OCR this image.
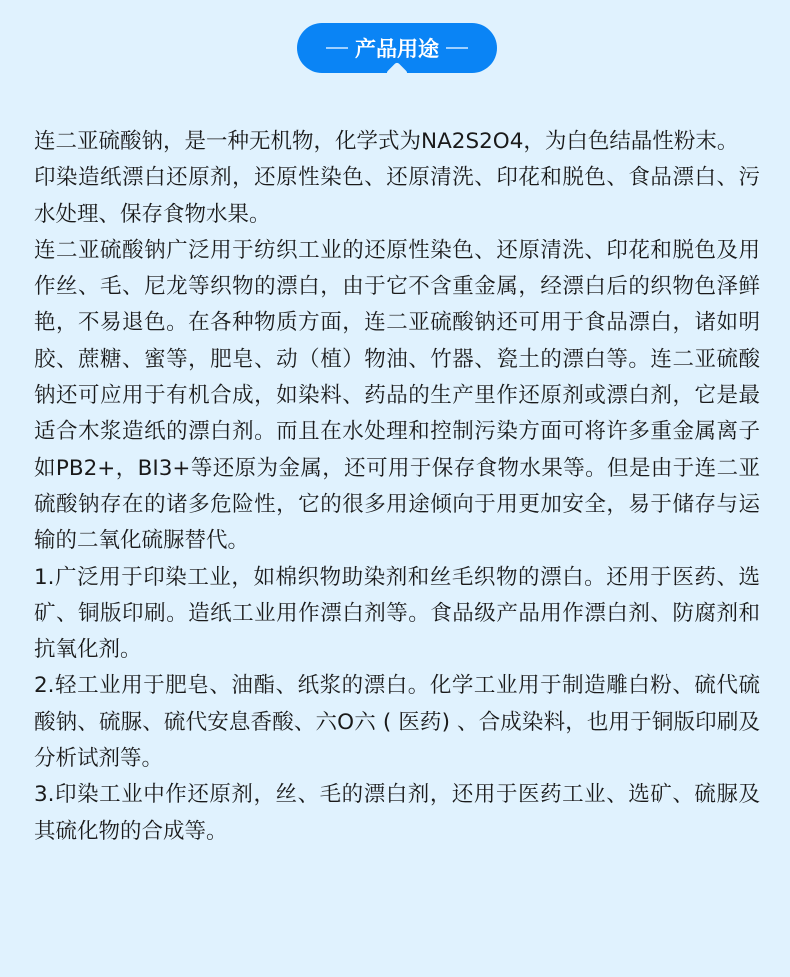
产品用途

连二亚硫酸钠，是一种无机物，化学式为NA2S2O4，为白色结晶性粉末。

印染造纸漂白还原剂，还原性染色、还原清洗、印花和脱色、食品漂白、污水处理、保存食物水果。

连二亚硫酸钠广泛用于纺织工业的还原性染色、还原清洗、印花和脱色及用作丝、毛、尼龙等织物的漂白，由于它不含重金属，经漂白后的织物色泽鲜艳，不易退色。在各种物质方面，连二亚硫酸钠还可用于食品漂白，诸如明胶、蔗糖、蜜等，肥皂、动（植）物油、竹器、瓷土的漂白等。连二亚硫酸钠还可应用于有机合成，如染料、药品的生产里作还原剂或漂白剂，它是最适合木浆造纸的漂白剂。而且在水处理和控制污染方面可将许多重金属离子如PB2+，BI3+等还原为金属，还可用于保存食物水果等。但是由于连二亚硫酸钠存在的诸多危险性，它的很多用途倾向于用更加安全，易于储存与运输的二氧化硫脲替代。

1.广泛用于印染工业，如棉织物助染剂和丝毛织物的漂白。还用于医药、选矿、铜版印刷。造纸工业用作漂白剂等。食品级产品用作漂白剂、防腐剂和抗氧化剂。

2.轻工业用于肥皂、油酯、纸浆的漂白。化学工业用于制造雕白粉、硫代硫酸钠、硫脲、硫代安息香酸、六O六 ( 医药) 、合成染料，也用于铜版印刷及分析试剂等。

3.印染工业中作还原剂，丝、毛的漂白剂，还用于医药工业、选矿、硫脲及其硫化物的合成等。
